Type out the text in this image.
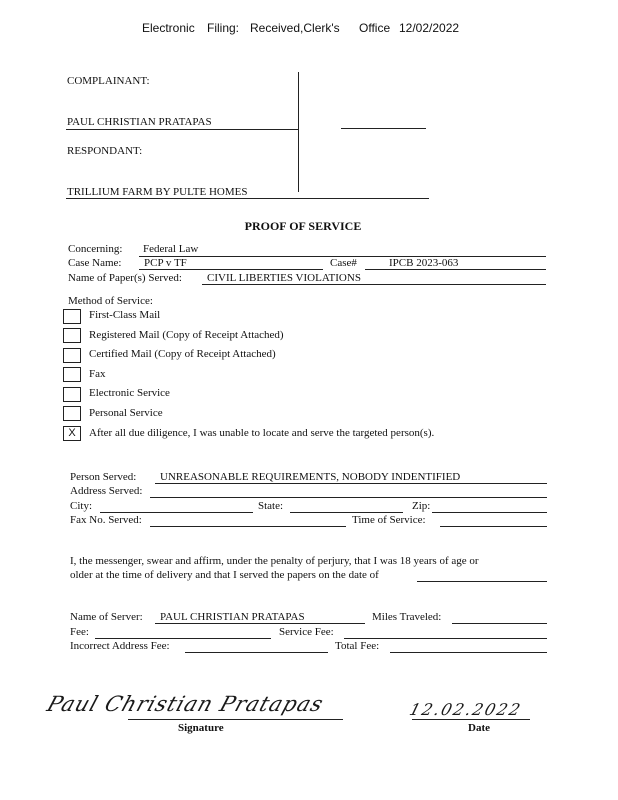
Electronic Filing: Received,Clerk's Office 12/02/2022
COMPLAINANT:
PAUL CHRISTIAN PRATAPAS
RESPONDANT:
TRILLIUM FARM BY PULTE HOMES
PROOF OF SERVICE
Concerning: Federal Law
Case Name: PCP v TF	Case#	IPCB 2023-063
Name of Paper(s) Served: CIVIL LIBERTIES VIOLATIONS
Method of Service:
First-Class Mail
Registered Mail (Copy of Receipt Attached)
Certified Mail (Copy of Receipt Attached)
Fax
Electronic Service
Personal Service
X	After all due diligence, I was unable to locate and serve the targeted person(s).
Person Served: UNREASONABLE REQUIREMENTS, NOBODY INDENTIFIED
Address Served:
City:	State:	Zip:
Fax No. Served:	Time of Service:
I, the messenger, swear and affirm, under the penalty of perjury, that I was 18 years of age or
older at the time of delivery and that I served the papers on the date of
Name of Server: PAUL CHRISTIAN PRATAPAS	Miles Traveled:
Fee:	Service Fee:
Incorrect Address Fee:	Total Fee:
Paul Christian Pratapas
Signature
12.02.2022
Date
